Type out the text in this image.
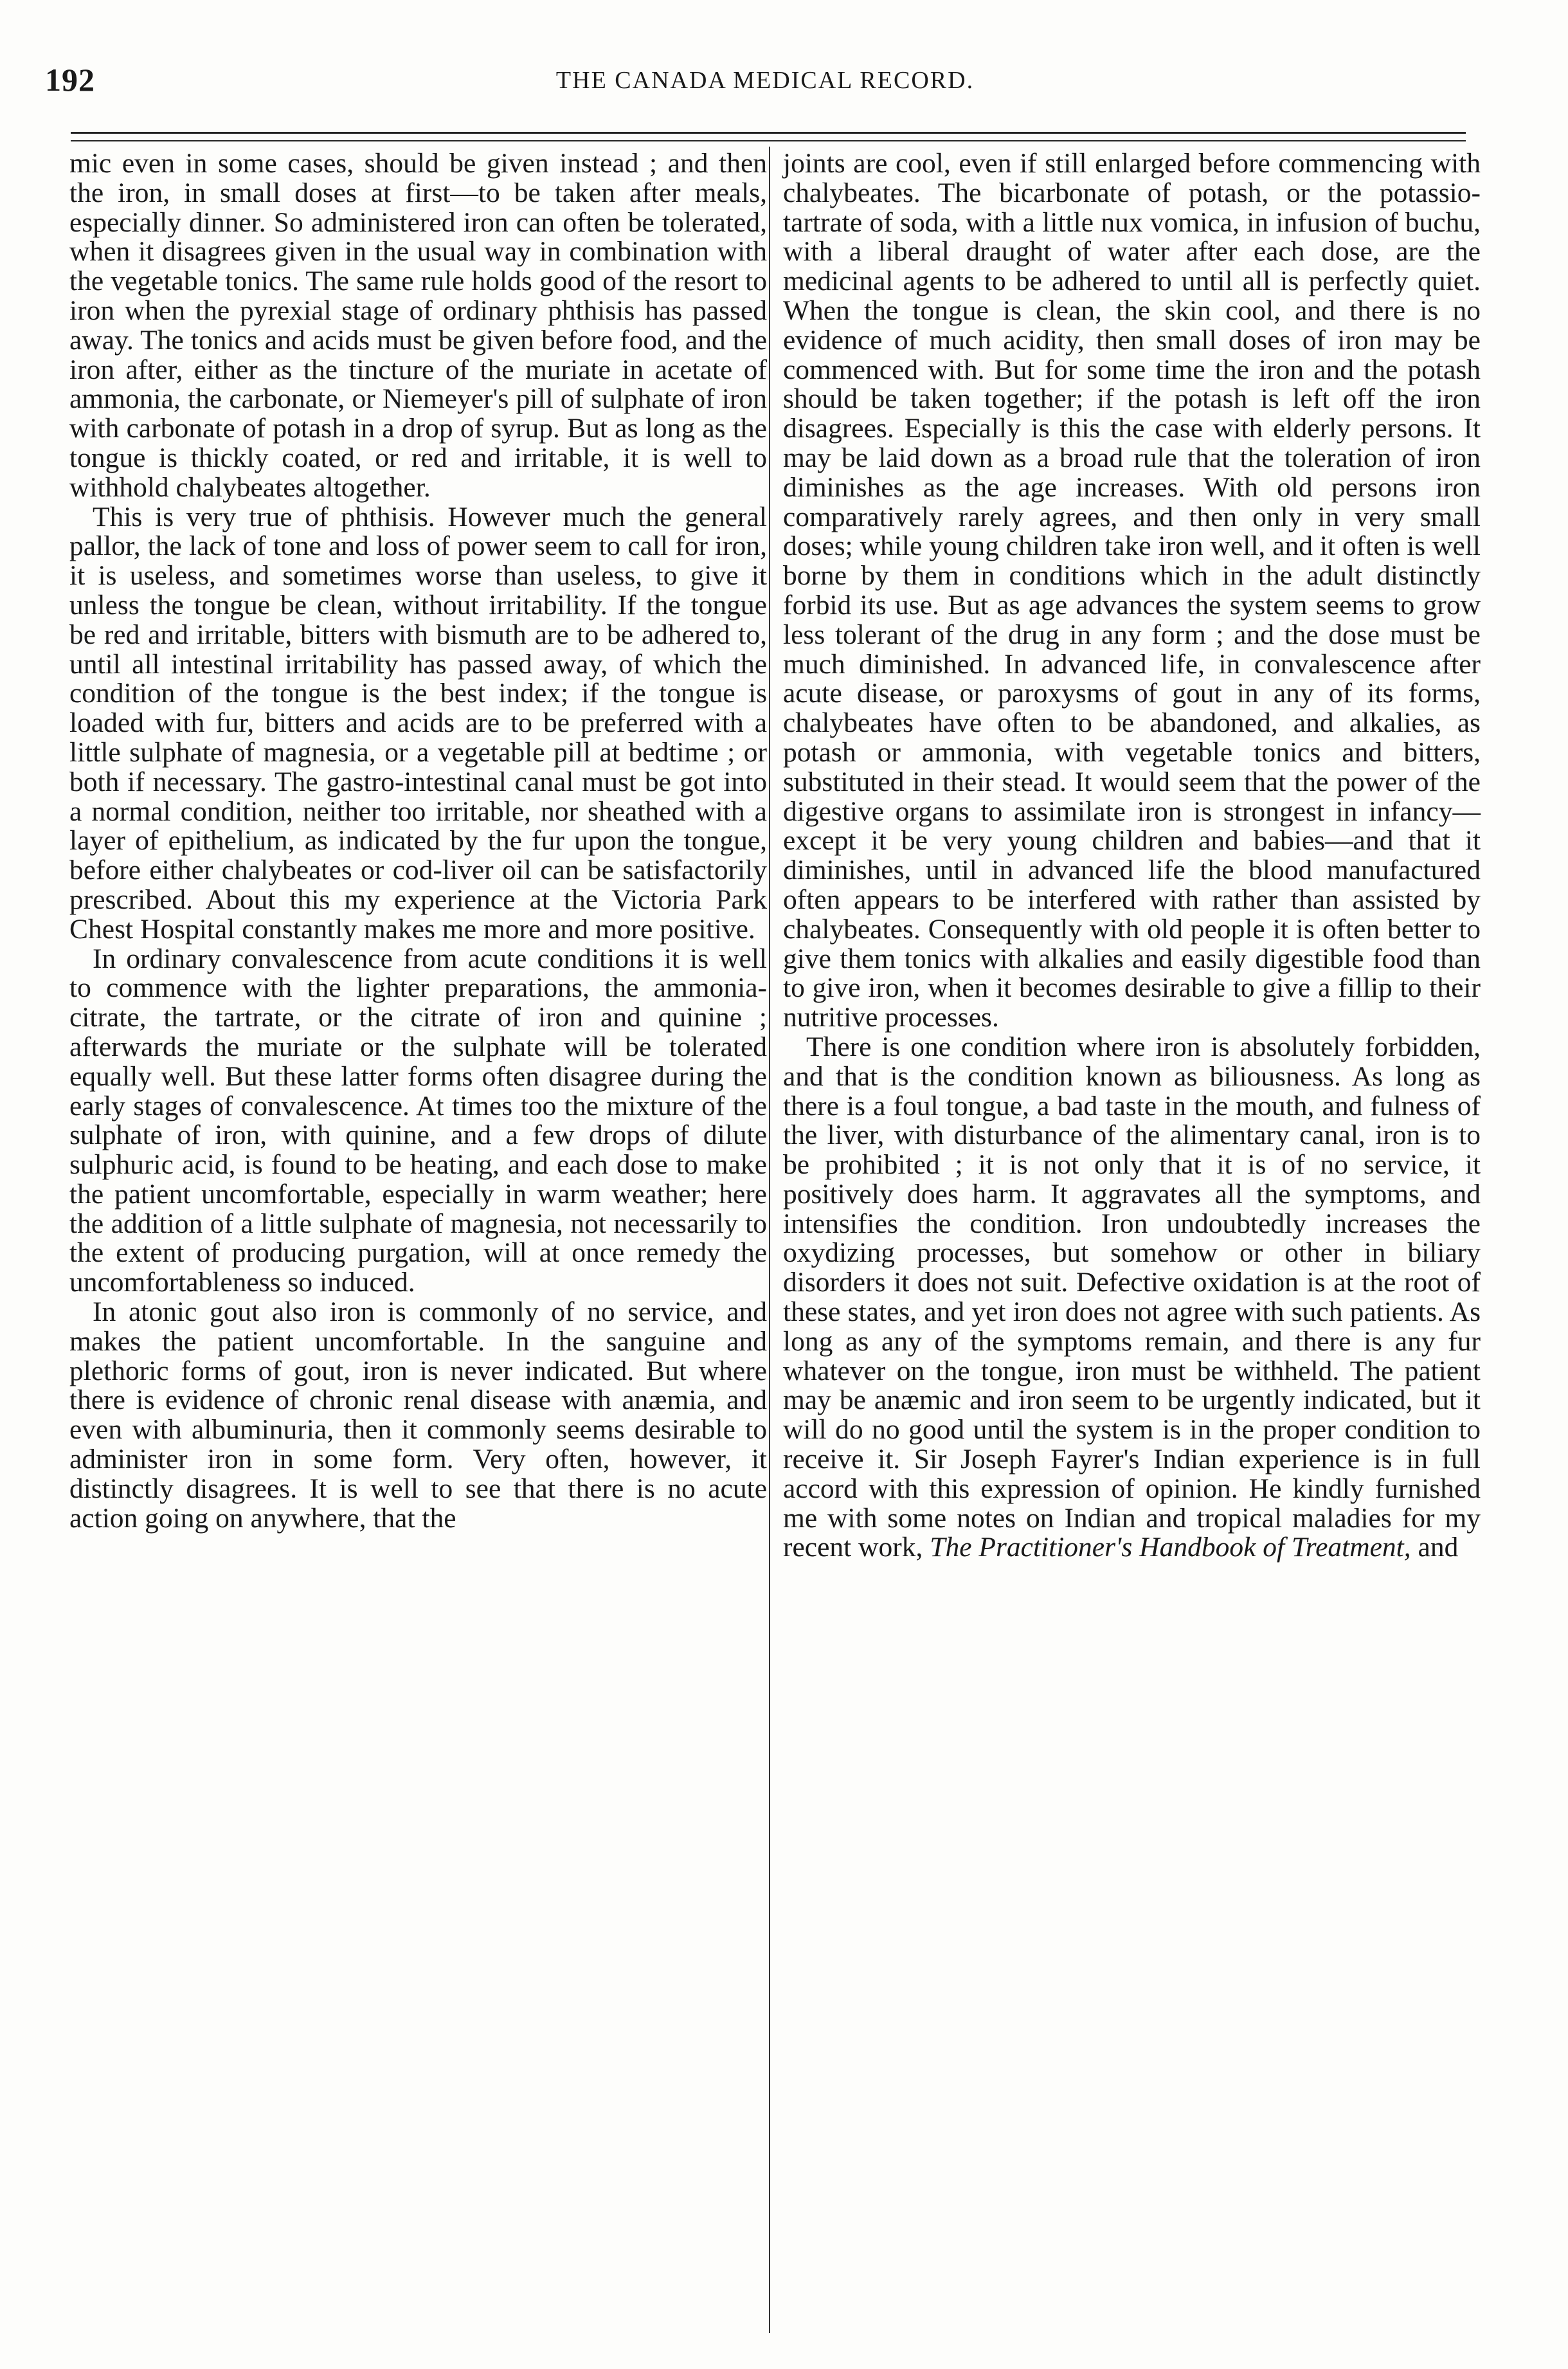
192	THE CANADA MEDICAL RECORD.

mic even in some cases, should be given instead ; and then the iron, in small doses at first—to be taken after meals, especially dinner. So administered iron can often be tolerated, when it disagrees given in the usual way in combination with the vegetable tonics. The same rule holds good of the resort to iron when the pyrexial stage of ordinary phthisis has passed away. The tonics and acids must be given before food, and the iron after, either as the tincture of the muriate in acetate of ammonia, the carbonate, or Niemeyer's pill of sulphate of iron with carbonate of potash in a drop of syrup. But as long as the tongue is thickly coated, or red and irritable, it is well to withhold chalybeates altogether.

This is very true of phthisis. However much the general pallor, the lack of tone and loss of power seem to call for iron, it is useless, and sometimes worse than useless, to give it unless the tongue be clean, without irritability. If the tongue be red and irritable, bitters with bismuth are to be adhered to, until all intestinal irritability has passed away, of which the condition of the tongue is the best index; if the tongue is loaded with fur, bitters and acids are to be preferred with a little sulphate of magnesia, or a vegetable pill at bedtime ; or both if necessary. The gastro-intestinal canal must be got into a normal condition, neither too irritable, nor sheathed with a layer of epithelium, as indicated by the fur upon the tongue, before either chalybeates or cod-liver oil can be satisfactorily prescribed. About this my experience at the Victoria Park Chest Hospital constantly makes me more and more positive.

In ordinary convalescence from acute conditions it is well to commence with the lighter preparations, the ammonia-citrate, the tartrate, or the citrate of iron and quinine ; afterwards the muriate or the sulphate will be tolerated equally well. But these latter forms often disagree during the early stages of convalescence. At times too the mixture of the sulphate of iron, with quinine, and a few drops of dilute sulphuric acid, is found to be heating, and each dose to make the patient uncomfortable, especially in warm weather; here the addition of a little sulphate of magnesia, not necessarily to the extent of producing purgation, will at once remedy the uncomfortableness so induced.

In atonic gout also iron is commonly of no service, and makes the patient uncomfortable. In the sanguine and plethoric forms of gout, iron is never indicated. But where there is evidence of chronic renal disease with anæmia, and even with albuminuria, then it commonly seems desirable to administer iron in some form. Very often, however, it distinctly disagrees. It is well to see that there is no acute action going on anywhere, that the

joints are cool, even if still enlarged before commencing with chalybeates. The bicarbonate of potash, or the potassio-tartrate of soda, with a little nux vomica, in infusion of buchu, with a liberal draught of water after each dose, are the medicinal agents to be adhered to until all is perfectly quiet. When the tongue is clean, the skin cool, and there is no evidence of much acidity, then small doses of iron may be commenced with. But for some time the iron and the potash should be taken together; if the potash is left off the iron disagrees. Especially is this the case with elderly persons. It may be laid down as a broad rule that the toleration of iron diminishes as the age increases. With old persons iron comparatively rarely agrees, and then only in very small doses; while young children take iron well, and it often is well borne by them in conditions which in the adult distinctly forbid its use. But as age advances the system seems to grow less tolerant of the drug in any form ; and the dose must be much diminished. In advanced life, in convalescence after acute disease, or paroxysms of gout in any of its forms, chalybeates have often to be abandoned, and alkalies, as potash or ammonia, with vegetable tonics and bitters, substituted in their stead. It would seem that the power of the digestive organs to assimilate iron is strongest in infancy—except it be very young children and babies—and that it diminishes, until in advanced life the blood manufactured often appears to be interfered with rather than assisted by chalybeates. Consequently with old people it is often better to give them tonics with alkalies and easily digestible food than to give iron, when it becomes desirable to give a fillip to their nutritive processes.

There is one condition where iron is absolutely forbidden, and that is the condition known as biliousness. As long as there is a foul tongue, a bad taste in the mouth, and fulness of the liver, with disturbance of the alimentary canal, iron is to be prohibited ; it is not only that it is of no service, it positively does harm. It aggravates all the symptoms, and intensifies the condition. Iron undoubtedly increases the oxydizing processes, but somehow or other in biliary disorders it does not suit. Defective oxidation is at the root of these states, and yet iron does not agree with such patients. As long as any of the symptoms remain, and there is any fur whatever on the tongue, iron must be withheld. The patient may be anæmic and iron seem to be urgently indicated, but it will do no good until the system is in the proper condition to receive it. Sir Joseph Fayrer's Indian experience is in full accord with this expression of opinion. He kindly furnished me with some notes on Indian and tropical maladies for my recent work, The Practitioner's Handbook of Treatment, and
